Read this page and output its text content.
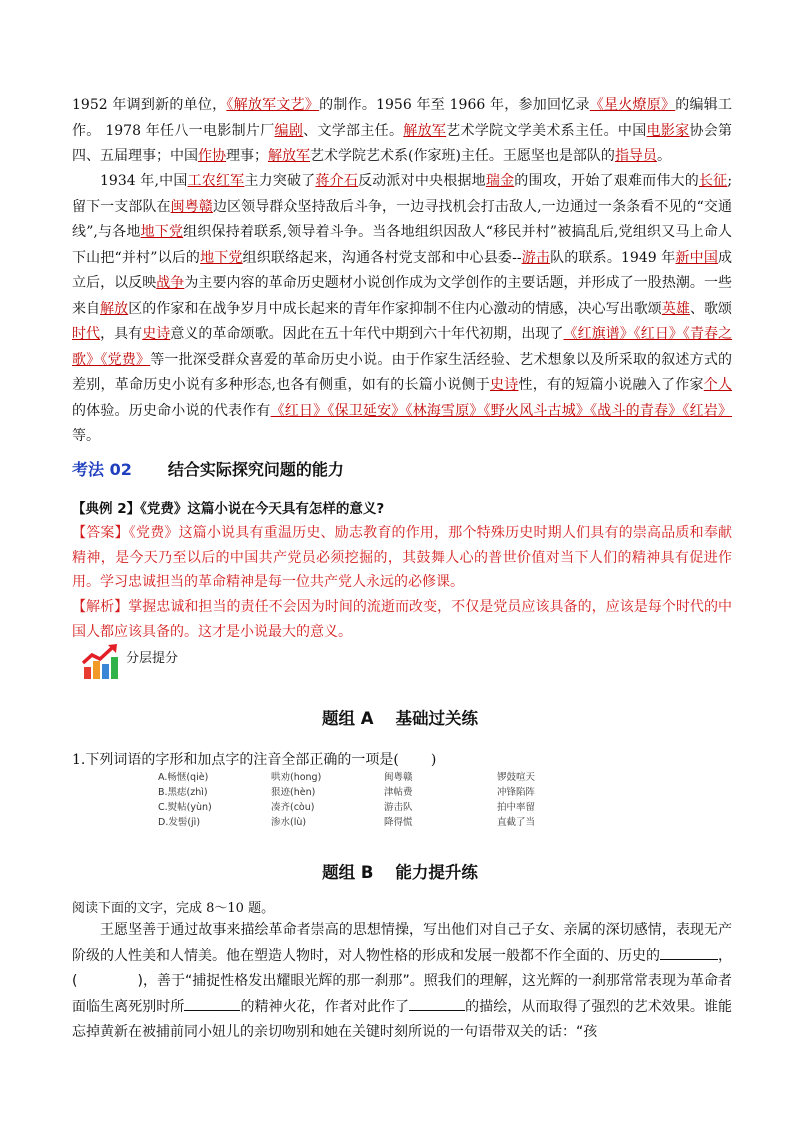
1952 年调到新的单位，《解放军文艺》的制作。1956 年至 1966 年，参加回忆录《星火燎原》的编辑工作。 1978 年任八一电影制片厂编剧、文学部主任。解放军艺术学院文学美术系主任。中国电影家协会第四、五届理事；中国作协理事；解放军艺术学院艺术系(作家班)主任。王愿坚也是部队的指导员。

1934 年,中国工农红军主力突破了蒋介石反动派对中央根据地瑞金的围攻，开始了艰难而伟大的长征;留下一支部队在闽粤赣边区领导群众坚持敌后斗争，一边寻找机会打击敌人,一边通过一条条看不见的“交通线”,与各地地下党组织保持着联系,领导着斗争。当各地组织因敌人“移民并村”被搞乱后,党组织又马上命人下山把“并村”以后的地下党组织联络起来，沟通各村党支部和中心县委--游击队的联系。1949 年新中国成立后，以反映战争为主要内容的革命历史题材小说创作成为文学创作的主要话题，并形成了一股热潮。一些来自解放区的作家和在战争岁月中成长起来的青年作家抑制不住内心激动的情感，决心写出歌颂英雄、歌颂时代，具有史诗意义的革命颂歌。因此在五十年代中期到六十年代初期，出现了《红旗谱》《红日》《青春之歌》《党费》等一批深受群众喜爱的革命历史小说。由于作家生活经验、艺术想象以及所采取的叙述方式的差别，革命历史小说有多种形态,也各有侧重，如有的长篇小说侧于史诗性，有的短篇小说融入了作家个人的体验。历史命小说的代表作有《红日》《保卫延安》《林海雪原》《野火风斗古城》《战斗的青春》《红岩》等。

考法 02 结合实际探究问题的能力
【典例 2】《党费》这篇小说在今天具有怎样的意义?

【答案】《党费》这篇小说具有重温历史、励志教育的作用，那个特殊历史时期人们具有的崇高品质和奉献精神，是今天乃至以后的中国共产党员必须挖掘的，其鼓舞人心的普世价值对当下人们的精神具有促进作用。学习忠诚担当的革命精神是每一位共产党人永远的必修课。

【解析】掌握忠诚和担当的责任不会因为时间的流逝而改变，不仅是党员应该具备的，应该是每个时代的中国人都应该具备的。这才是小说最大的意义。

分层提分
题组 A 基础过关练
1.下列词语的字形和加点字的注音全部正确的一项是( )
A.畅惬(qiè)	哄劝(hong)	闽粤赣	锣鼓喧天
B.黑痣(zhì)	狠迹(hèn)	津帖费	冲锋陷阵
C.熨帖(yùn)	凑齐(còu)	游击队	拍中率留
D.发髻(jì)	渗水(lù)	降得慌	直截了当
题组 B 能力提升练
阅读下面的文字，完成 8～10 题。

王愿坚善于通过故事来描绘革命者崇高的思想情操，写出他们对自己子女、亲属的深切感情，表现无产阶级的人性美和人情美。他在塑造人物时，对人物性格的形成和发展一般都不作全面的、历史的	，(	)，善于“捕捉性格发出耀眼光辉的那一刹那”。照我们的理解，这光辉的一刹那常常表现为革命者面临生离死别时所	的精神火花，作者对此作了	的描绘，从而取得了强烈的艺术效果。谁能忘掉黄新在被捕前同小妞儿的亲切吻别和她在关键时刻所说的一句语带双关的话：“孩
